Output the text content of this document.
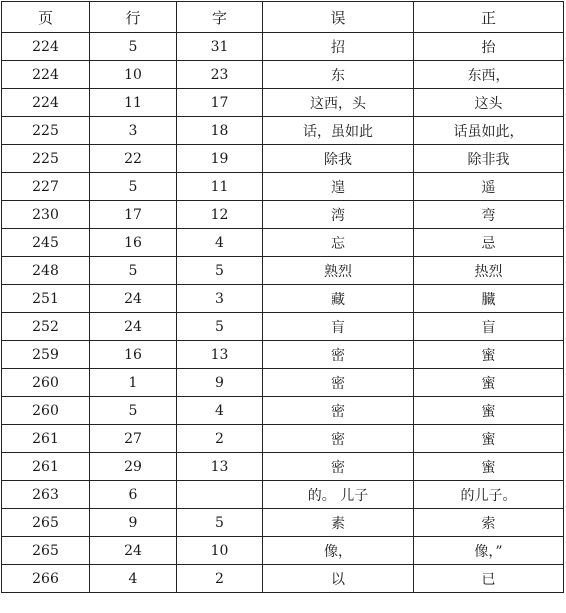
页	行	字	误	正
224	5	31	招	抬
224	10	23	东	东西，
224	11	17	这西，头	这头
225	3	18	话，虽如此	话虽如此，
225	22	19	除我	除非我
227	5	11	遑	遥
230	17	12	湾	弯
245	16	4	忘	忌
248	5	5	熟烈	热烈
251	24	3	藏	臓
252	24	5	肓	盲
259	16	13	密	蜜
260	1	9	密	蜜
260	5	4	密	蜜
261	27	2	密	蜜
261	29	13	密	蜜
263	6		的。 儿子	的儿子。
265	9	5	素	索
265	24	10	像，	像，”
266	4	2	以	已
